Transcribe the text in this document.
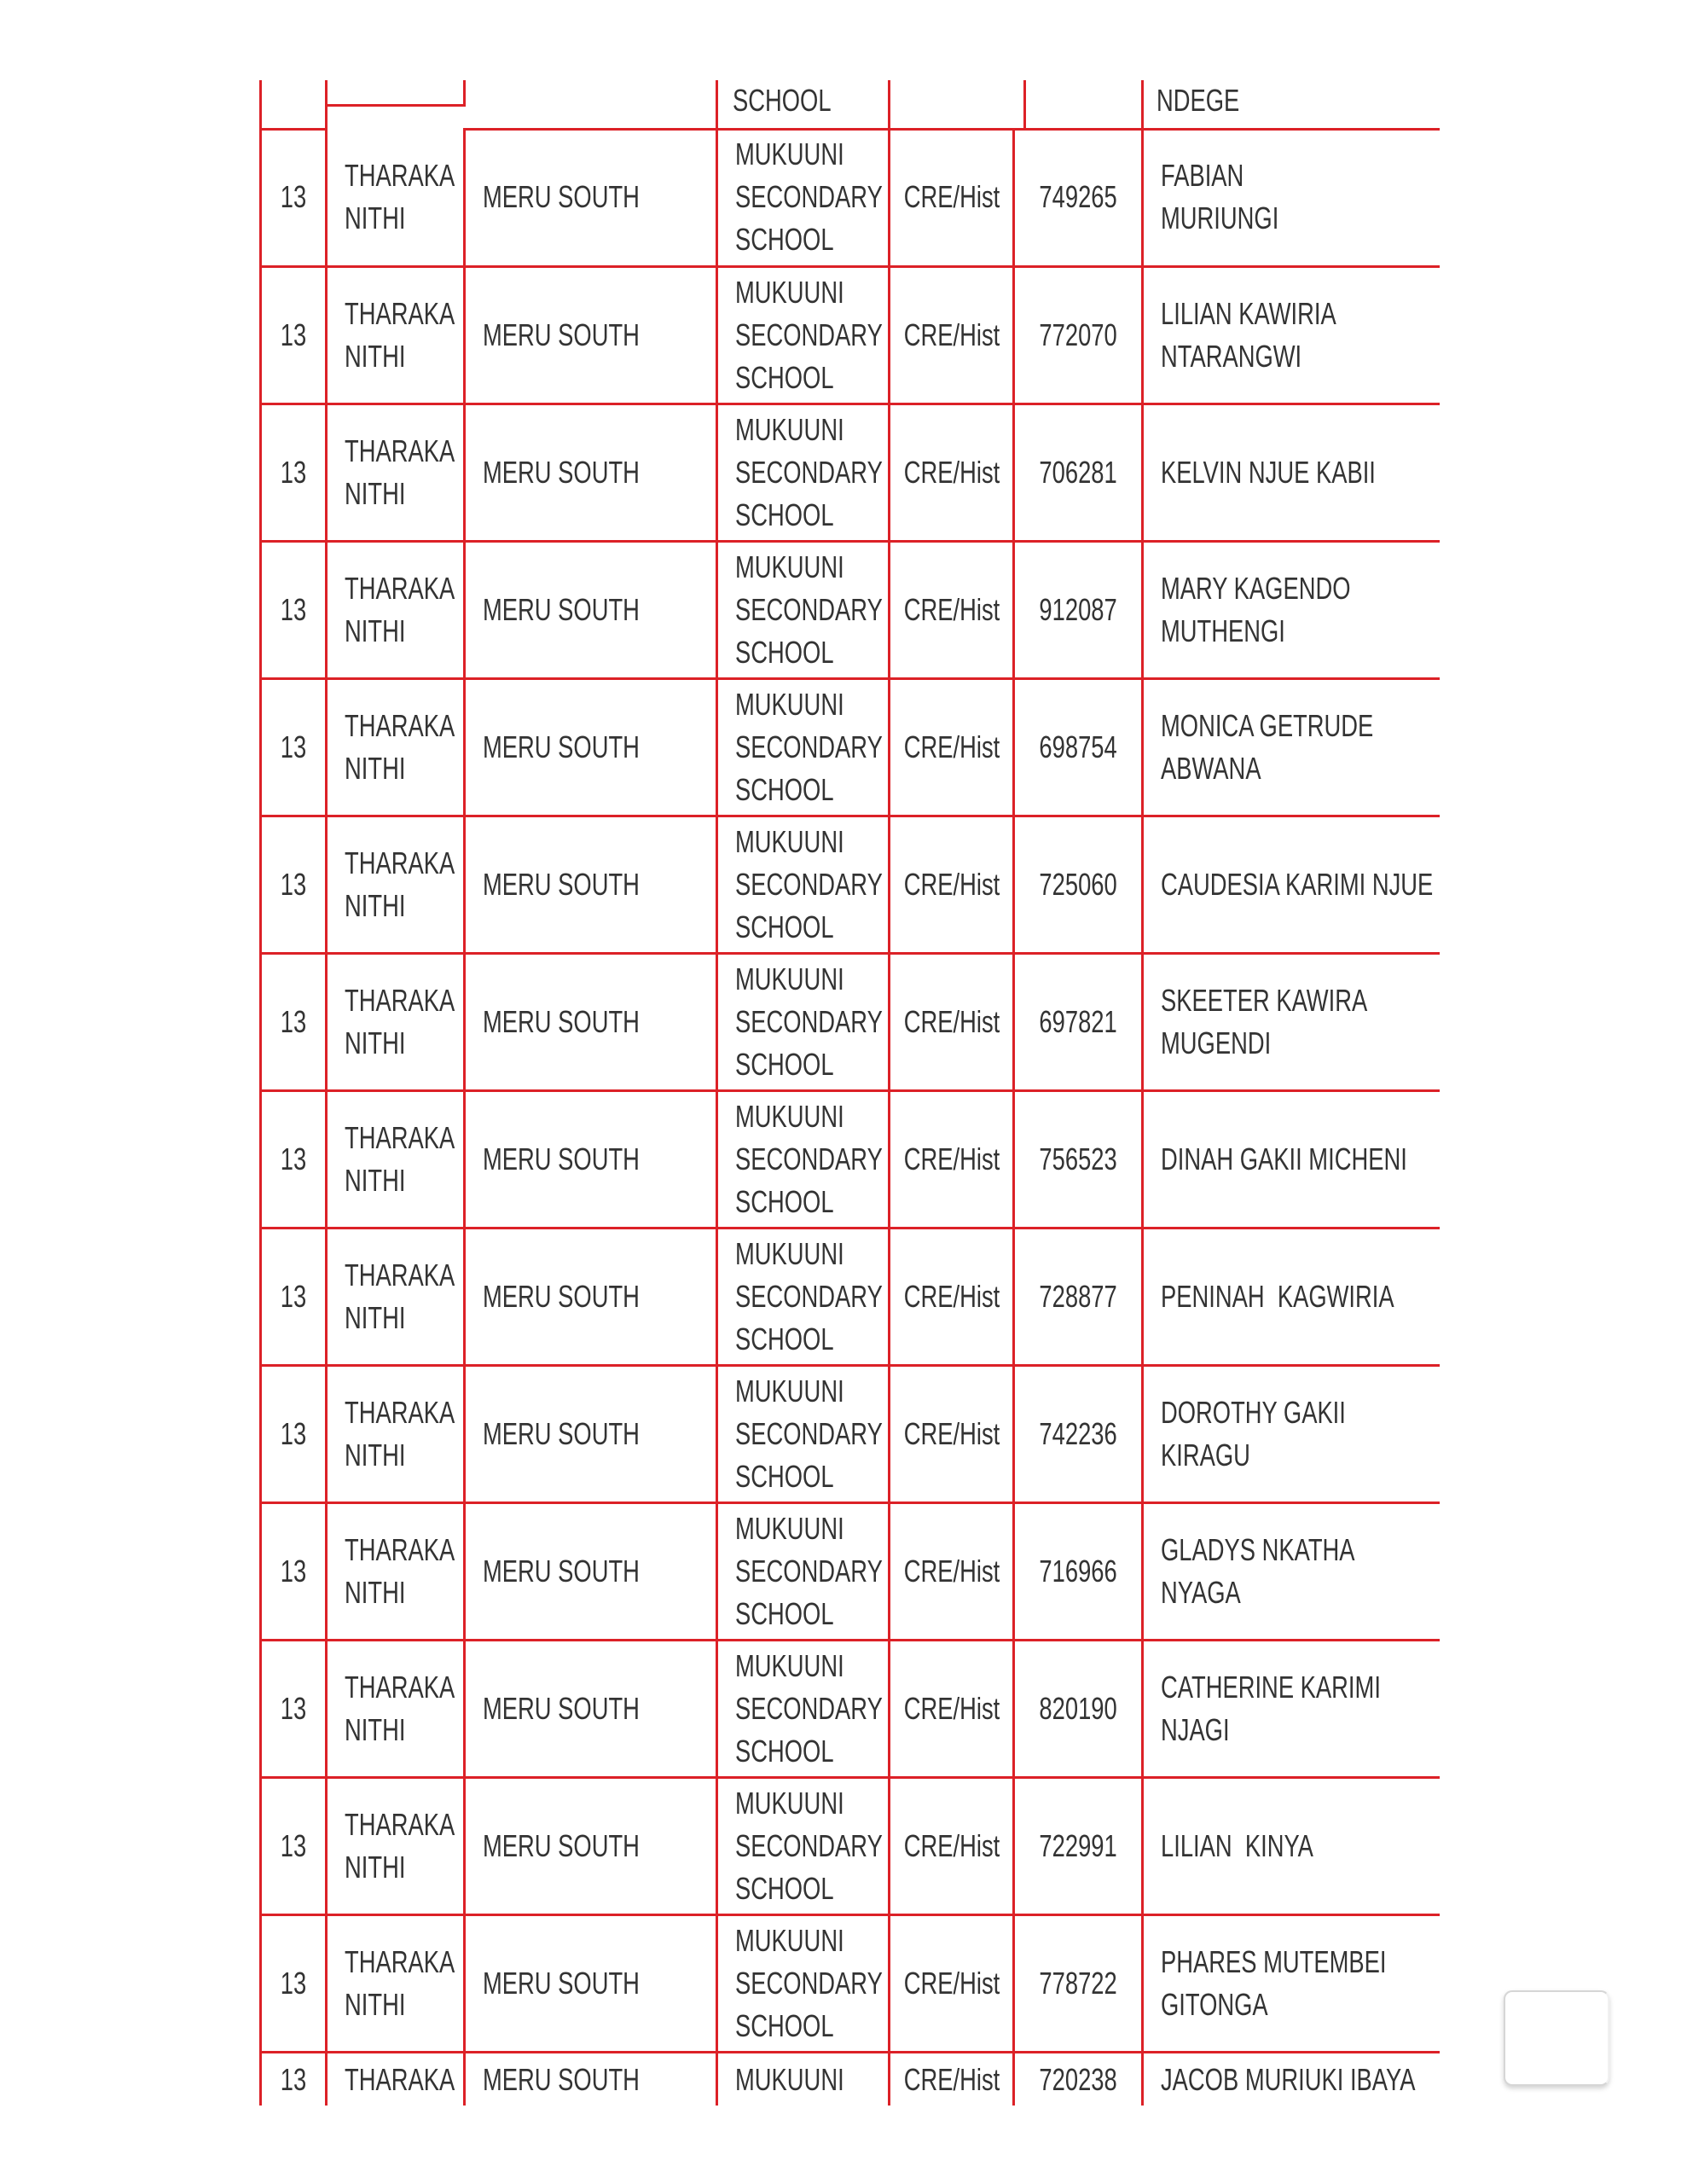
SCHOOL	NDEGE
13
THARAKA
NITHI
MERU SOUTH
MUKUUNI
SECONDARY
SCHOOL
CRE/Hist 749265
FABIAN
MURIUNGI
13
THARAKA
NITHI
MERU SOUTH
MUKUUNI
SECONDARY
SCHOOL
CRE/Hist 772070
LILIAN KAWIRIA
NTARANGWI
13
THARAKA
NITHI
MERU SOUTH
MUKUUNI
SECONDARY
SCHOOL
CRE/Hist 706281 KELVIN NJUE KABII
13
THARAKA
NITHI
MERU SOUTH
MUKUUNI
SECONDARY
SCHOOL
CRE/Hist 912087
MARY KAGENDO
MUTHENGI
13
THARAKA
NITHI
MERU SOUTH
MUKUUNI
SECONDARY
SCHOOL
CRE/Hist 698754
MONICA GETRUDE
ABWANA
13
THARAKA
NITHI
MERU SOUTH
MUKUUNI
SECONDARY
SCHOOL
CRE/Hist 725060 CAUDESIA KARIMI NJUE
13
THARAKA
NITHI
MERU SOUTH
MUKUUNI
SECONDARY
SCHOOL
CRE/Hist 697821
SKEETER KAWIRA
MUGENDI
13
THARAKA
NITHI
MERU SOUTH
MUKUUNI
SECONDARY
SCHOOL
CRE/Hist 756523 DINAH GAKII MICHENI
13
THARAKA
NITHI
MERU SOUTH
MUKUUNI
SECONDARY
SCHOOL
CRE/Hist 728877 PENINAH  KAGWIRIA
13
THARAKA
NITHI
MERU SOUTH
MUKUUNI
SECONDARY
SCHOOL
CRE/Hist 742236
DOROTHY GAKII
KIRAGU
13
THARAKA
NITHI
MERU SOUTH
MUKUUNI
SECONDARY
SCHOOL
CRE/Hist 716966
GLADYS NKATHA
NYAGA
13
THARAKA
NITHI
MERU SOUTH
MUKUUNI
SECONDARY
SCHOOL
CRE/Hist 820190
CATHERINE KARIMI
NJAGI
13
THARAKA
NITHI
MERU SOUTH
MUKUUNI
SECONDARY
SCHOOL
CRE/Hist 722991 LILIAN  KINYA
13
THARAKA
NITHI
MERU SOUTH
MUKUUNI
SECONDARY
SCHOOL
CRE/Hist 778722
PHARES MUTEMBEI
GITONGA
13 THARAKA MERU SOUTH	MUKUUNI CRE/Hist 720238 JACOB MURIUKI IBAYA
